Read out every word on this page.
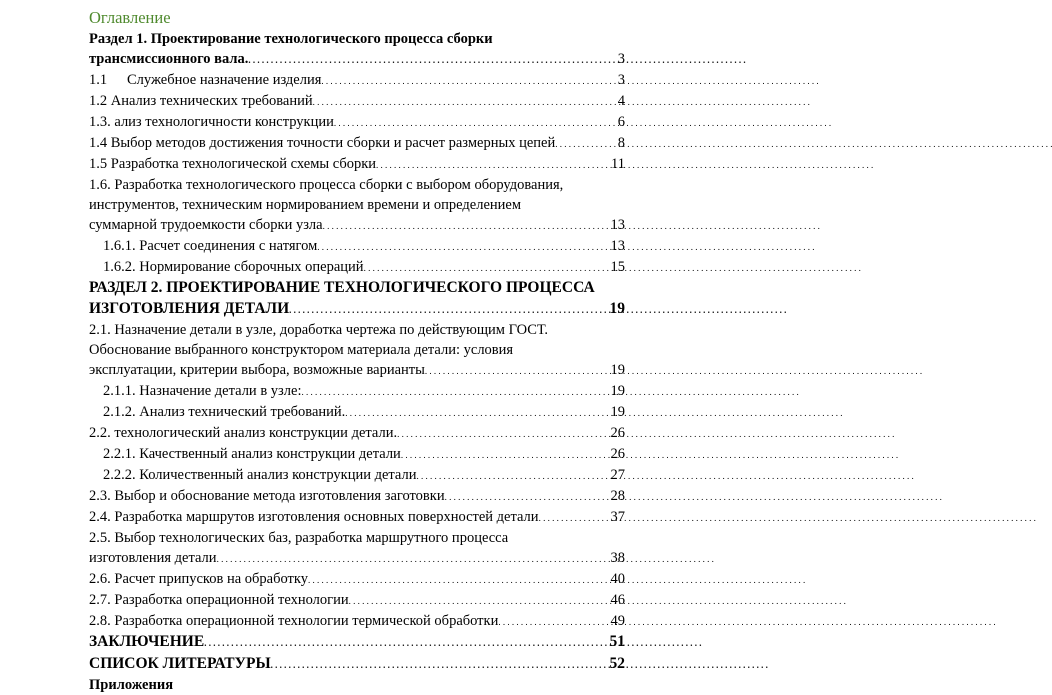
Оглавление
Раздел 1. Проектирование технологического процесса сборки
трансмиссионного вала. . . .	3
1.1 Служебное назначение изделия . . .	3
1.2 Анализ технических требований . . .	4
1.3. ализ технологичности конструкции . . .	6
1.4 Выбор методов достижения точности сборки и расчет размерных цепей . . .	8
1.5 Разработка технологической схемы сборки . . .	11
1.6. Разработка технологического процесса сборки с выбором оборудования, инструментов, техническим нормированием времени и определением
суммарной трудоемкости сборки узла . . .	13
1.6.1. Расчет соединения с натягом . . .	13
1.6.2. Нормирование сборочных операций . . .	15
РАЗДЕЛ 2. ПРОЕКТИРОВАНИЕ ТЕХНОЛОГИЧЕСКОГО ПРОЦЕССА
ИЗГОТОВЛЕНИЯ ДЕТАЛИ . . .	19
2.1. Назначение детали в узле, доработка чертежа по действующим ГОСТ. Обоснование выбранного конструктором материала детали: условия
эксплуатации, критерии выбора, возможные варианты . . .	19
2.1.1. Назначение детали в узле: . . .	19
2.1.2. Анализ технический требований. . . .	19
2.2. технологический анализ конструкции детали. . . .	26
2.2.1. Качественный анализ конструкции детали . . .	26
2.2.2. Количественный анализ конструкции детали . . .	27
2.3. Выбор и обоснование метода изготовления заготовки . . .	28
2.4. Разработка маршрутов изготовления основных поверхностей детали . . .	37
2.5. Выбор технологических баз, разработка маршрутного процесса
изготовления детали . . .	38
2.6. Расчет припусков на обработку . . .	40
2.7. Разработка операционной технологии . . .	46
2.8. Разработка операционной технологии термической обработки . . .	49
ЗАКЛЮЧЕНИЕ . . .	51
СПИСОК ЛИТЕРАТУРЫ . . .	52
Приложения
